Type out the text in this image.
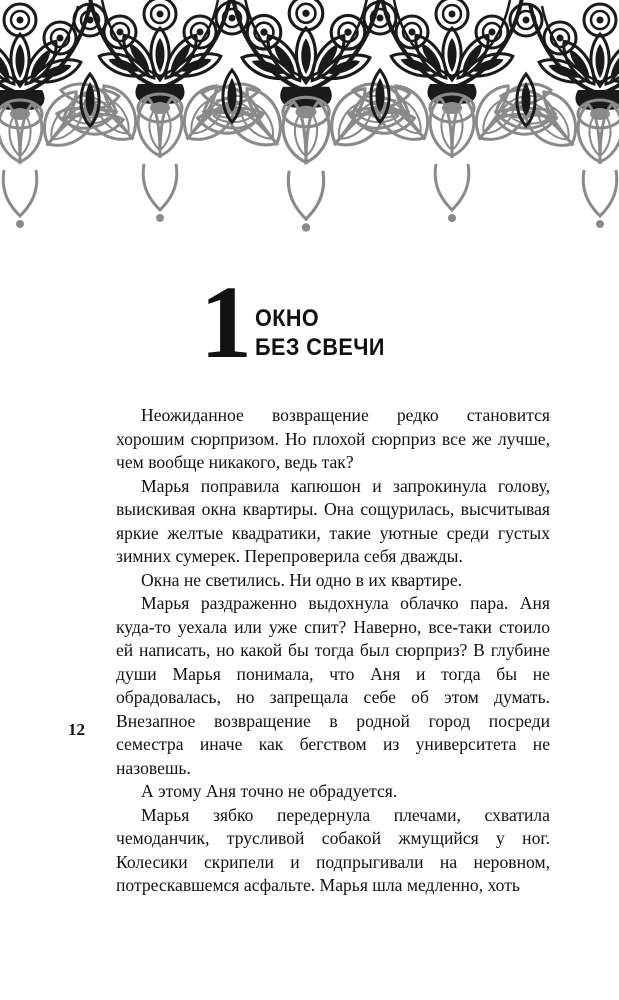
1 ОКНО
БЕЗ СВЕЧИ
12

Неожиданное возвращение редко становится хорошим сюрпризом. Но плохой сюрприз все же лучше, чем вообще никакого, ведь так?

Марья поправила капюшон и запрокинула голову, выискивая окна квартиры. Она сощурилась, высчитывая яркие желтые квадратики, такие уютные среди густых зимних сумерек. Перепроверила себя дважды.

Окна не светились. Ни одно в их квартире.

Марья раздраженно выдохнула облачко пара. Аня куда-то уехала или уже спит? Наверно, все-таки стоило ей написать, но какой бы тогда был сюрприз? В глубине души Марья понимала, что Аня и тогда бы не обрадовалась, но запрещала себе об этом думать. Внезапное возвращение в родной город посреди семестра иначе как бегством из университета не назовешь.

А этому Аня точно не обрадуется.

Марья зябко передернула плечами, схватила чемоданчик, трусливой собакой жмущийся у ног. Колесики скрипели и подпрыгивали на неровном, потрескавшемся асфальте. Марья шла медленно, хоть
